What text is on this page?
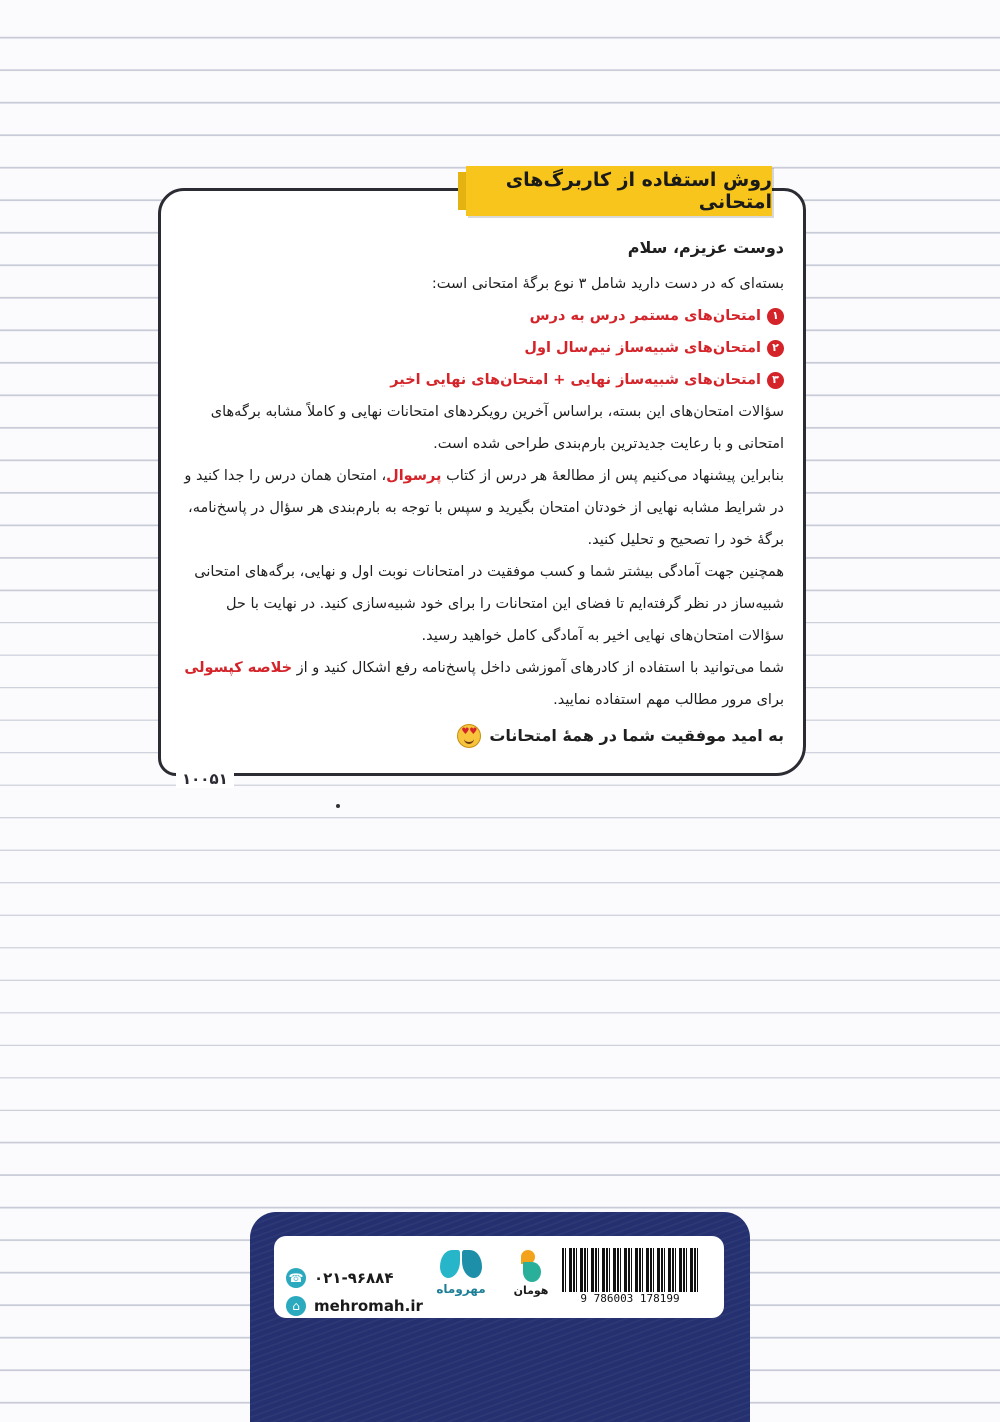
روش استفاده از کاربرگ‌های امتحانی

دوست عزیزم، سلام

بسته‌ای که در دست دارید شامل ۳ نوع برگهٔ امتحانی است:

۱
امتحان‌های مستمر درس به درس

۲
امتحان‌های شبیه‌ساز نیم‌سال اول

۳
امتحان‌های شبیه‌ساز نهایی + امتحان‌های نهایی اخیر

سؤالات امتحان‌های این بسته، براساس آخرین رویکردهای امتحانات نهایی و کاملاً مشابه برگه‌های امتحانی و با رعایت جدیدترین بارم‌بندی طراحی شده است.

بنابراین پیشنهاد می‌کنیم پس از مطالعهٔ هر درس از کتاب پرسوال، امتحان همان درس را جدا کنید و در شرایط مشابه نهایی از خودتان امتحان بگیرید و سپس با توجه به بارم‌بندی هر سؤال در پاسخ‌نامه، برگهٔ خود را تصحیح و تحلیل کنید.

همچنین جهت آمادگی بیشتر شما و کسب موفقیت در امتحانات نوبت اول و نهایی، برگه‌های امتحانی شبیه‌ساز در نظر گرفته‌ایم تا فضای این امتحانات را برای خود شبیه‌سازی کنید. در نهایت با حل سؤالات امتحان‌های نهایی اخیر به آمادگی کامل خواهید رسید.

شما می‌توانید با استفاده از کادرهای آموزشی داخل پاسخ‌نامه رفع اشکال کنید و از خلاصه کپسولی برای مرور مطالب مهم استفاده نمایید.

به امید موفقیت شما در همهٔ امتحانات
♥
♥

۱۰۰۵۱
9 786003 178199
هومان
مهروماه
☎ ۰۲۱-۹۶۸۸۴
⌂ mehromah.ir
